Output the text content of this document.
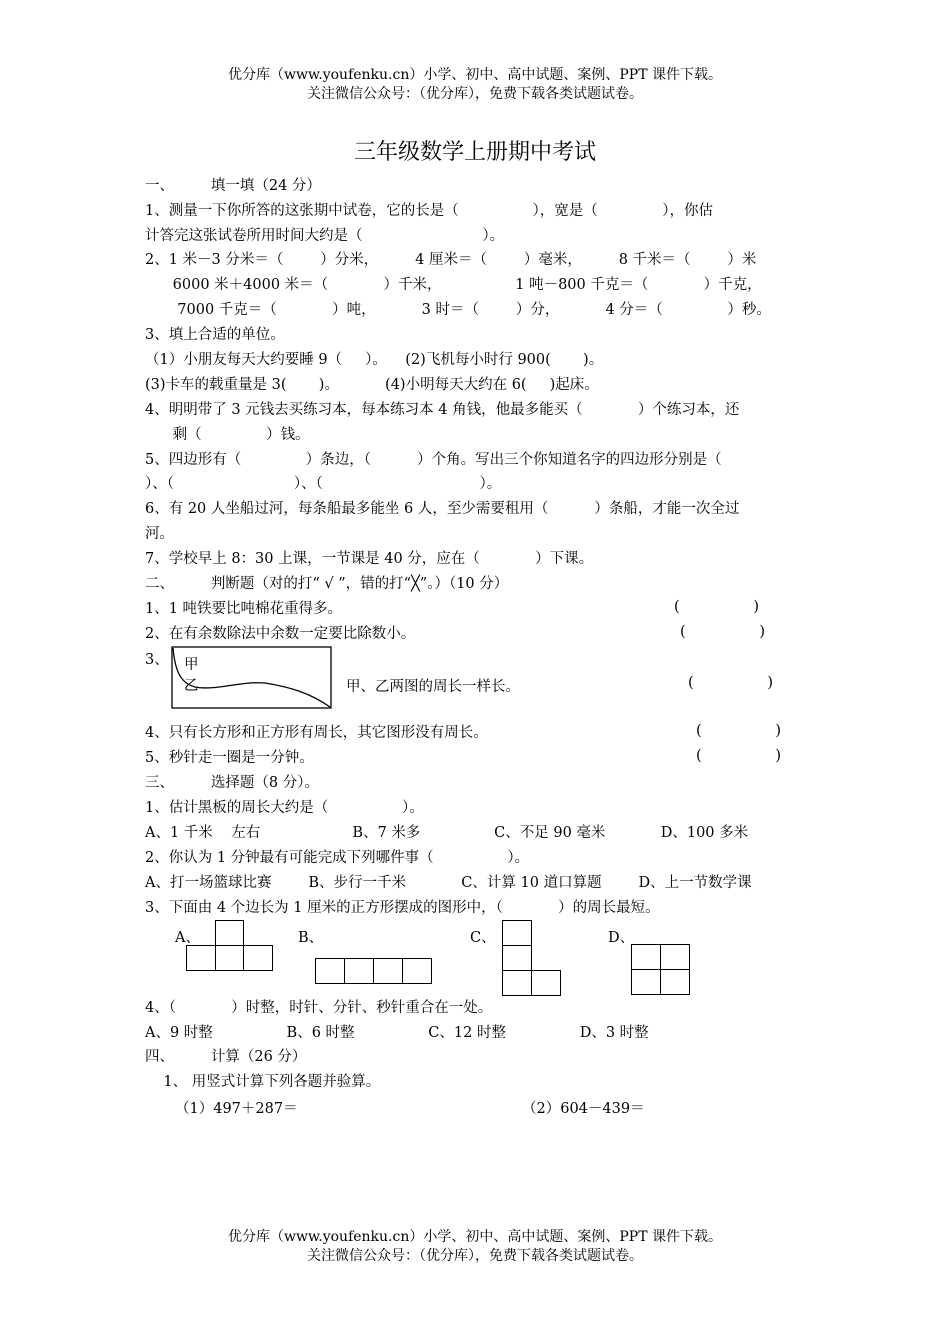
优分库（www.youfenku.cn）小学、初中、高中试题、案例、PPT 课件下载。
关注微信公众号：（优分库），免费下载各类试题试卷。
三年级数学上册期中考试
一、        填一填（24 分）
1、测量一下你所答的这张期中试卷，它的长是（                ），宽是（              ），你估
计答完这张试卷所用时间大约是（                          ）。
2、1 米－3 分米＝（        ）分米，        4 厘米＝（        ）毫米，        8 千米＝（        ）米
6000 米＋4000 米＝（            ）千米，                1 吨－800 千克＝（            ）千克，
7000 千克＝（            ）吨，          3 时＝（        ）分，          4 分＝（              ）秒。
3、填上合适的单位。
（1）小朋友每天大约要睡 9（     ）。    (2)飞机每小时行 900(       )。
(3)卡车的载重量是 3(       )。          (4)小明每天大约在 6(     )起床。
4、明明带了 3 元钱去买练习本，每本练习本 4 角钱，他最多能买（            ）个练习本，还
剩（              ）钱。
5、四边形有（              ）条边，（          ）个角。写出三个你知道名字的四边形分别是（
）、（                          ）、（                                  ）。
6、有 20 人坐船过河，每条船最多能坐 6 人，至少需要租用（          ）条船，才能一次全过
河。
7、学校早上 8：30 上课，一节课是 40 分，应在（            ）下课。
二、        判断题（对的打“ √ ”，错的打“╳”。）（10 分）
1、1 吨铁要比吨棉花重得多。	(                )
2、在有余数除法中余数一定要比除数小。	(                )
3、 甲
乙	甲、乙两图的周长一样长。	(                )
4、只有长方形和正方形有周长，其它图形没有周长。	(                )
5、秒针走一圈是一分钟。	(                )
三、        选择题（8 分）。
1、估计黑板的周长大约是（                ）。
A、1 千米    左右                    B、7 米多                C、不足 90 毫米            D、100 多米
2、你认为 1 分钟最有可能完成下列哪件事（                ）。
A、打一场篮球比赛        B、步行一千米            C、计算 10 道口算题        D、上一节数学课
3、下面由 4 个边长为 1 厘米的正方形摆成的图形中，（            ）的周长最短。
A、	B、	C、	D、
4、（            ）时整，时针、分针、秒针重合在一处。
A、9 时整                B、6 时整                C、12 时整                D、3 时整
四、        计算（26 分）
1、 用竖式计算下列各题并验算。
（1）497＋287＝	（2）604－439＝
优分库（www.youfenku.cn）小学、初中、高中试题、案例、PPT 课件下载。
关注微信公众号：（优分库），免费下载各类试题试卷。
